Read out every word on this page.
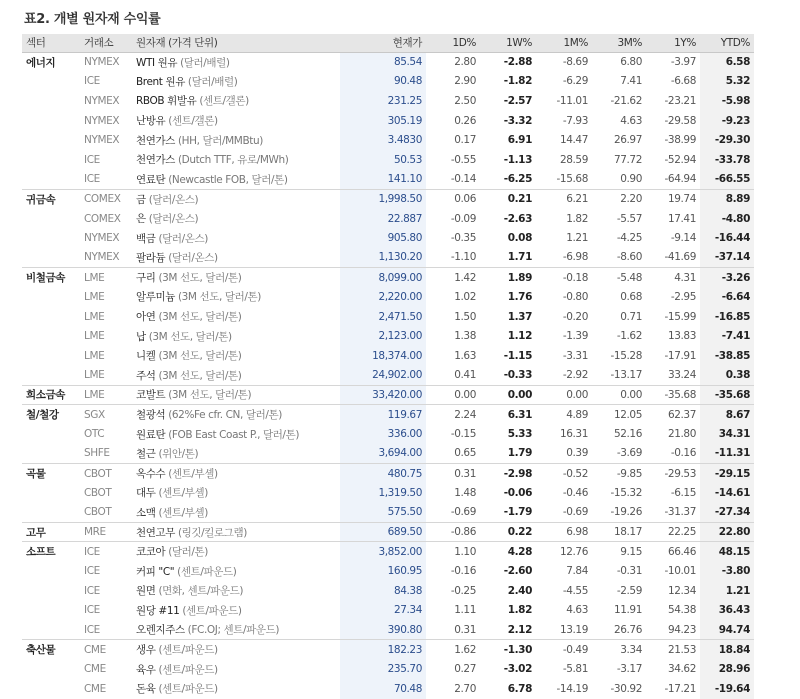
표2. 개별 원자재 수익률
섹터	거래소	원자재 (가격 단위)	현재가	1D%	1W%	1M%	3M%	1Y%	YTD%
에너지	NYMEX	WTI 원유 (달러/배럴)	85.54	2.80	-2.88	-8.69	6.80	-3.97	6.58
	ICE	Brent 원유 (달러/배럴)	90.48	2.90	-1.82	-6.29	7.41	-6.68	5.32
	NYMEX	RBOB 휘발유 (센트/갤론)	231.25	2.50	-2.57	-11.01	-21.62	-23.21	-5.98
	NYMEX	난방유 (센트/갤론)	305.19	0.26	-3.32	-7.93	4.63	-29.58	-9.23
	NYMEX	천연가스 (HH, 달러/MMBtu)	3.4830	0.17	6.91	14.47	26.97	-38.99	-29.30
	ICE	천연가스 (Dutch TTF, 유로/MWh)	50.53	-0.55	-1.13	28.59	77.72	-52.94	-33.78
	ICE	연료탄 (Newcastle FOB, 달러/톤)	141.10	-0.14	-6.25	-15.68	0.90	-64.94	-66.55
귀금속	COMEX	금 (달러/온스)	1,998.50	0.06	0.21	6.21	2.20	19.74	8.89
	COMEX	은 (달러/온스)	22.887	-0.09	-2.63	1.82	-5.57	17.41	-4.80
	NYMEX	백금 (달러/온스)	905.80	-0.35	0.08	1.21	-4.25	-9.14	-16.44
	NYMEX	팔라듐 (달러/온스)	1,130.20	-1.10	1.71	-6.98	-8.60	-41.69	-37.14
비철금속	LME	구리 (3M 선도, 달러/톤)	8,099.00	1.42	1.89	-0.18	-5.48	4.31	-3.26
	LME	알루미늄 (3M 선도, 달러/톤)	2,220.00	1.02	1.76	-0.80	0.68	-2.95	-6.64
	LME	아연 (3M 선도, 달러/톤)	2,471.50	1.50	1.37	-0.20	0.71	-15.99	-16.85
	LME	납 (3M 선도, 달러/톤)	2,123.00	1.38	1.12	-1.39	-1.62	13.83	-7.41
	LME	니켈 (3M 선도, 달러/톤)	18,374.00	1.63	-1.15	-3.31	-15.28	-17.91	-38.85
	LME	주석 (3M 선도, 달러/톤)	24,902.00	0.41	-0.33	-2.92	-13.17	33.24	0.38
희소금속	LME	코발트 (3M 선도, 달러/톤)	33,420.00	0.00	0.00	0.00	0.00	-35.68	-35.68
철/철강	SGX	철광석 (62%Fe cfr. CN, 달러/톤)	119.67	2.24	6.31	4.89	12.05	62.37	8.67
	OTC	원료탄 (FOB East Coast P., 달러/톤)	336.00	-0.15	5.33	16.31	52.16	21.80	34.31
	SHFE	철근 (위안/톤)	3,694.00	0.65	1.79	0.39	-3.69	-0.16	-11.31
곡물	CBOT	옥수수 (센트/부셸)	480.75	0.31	-2.98	-0.52	-9.85	-29.53	-29.15
	CBOT	대두 (센트/부셸)	1,319.50	1.48	-0.06	-0.46	-15.32	-6.15	-14.61
	CBOT	소맥 (센트/부셸)	575.50	-0.69	-1.79	-0.69	-19.26	-31.37	-27.34
고무	MRE	천연고무 (링깃/킬로그램)	689.50	-0.86	0.22	6.98	18.17	22.25	22.80
소프트	ICE	코코아 (달러/톤)	3,852.00	1.10	4.28	12.76	9.15	66.46	48.15
	ICE	커피 "C" (센트/파운드)	160.95	-0.16	-2.60	7.84	-0.31	-10.01	-3.80
	ICE	원면 (면화, 센트/파운드)	84.38	-0.25	2.40	-4.55	-2.59	12.34	1.21
	ICE	원당 #11 (센트/파운드)	27.34	1.11	1.82	4.63	11.91	54.38	36.43
	ICE	오렌지주스 (FC.OJ; 센트/파운드)	390.80	0.31	2.12	13.19	26.76	94.23	94.74
축산물	CME	생우 (센트/파운드)	182.23	1.62	-1.30	-0.49	3.34	21.53	18.84
	CME	육우 (센트/파운드)	235.70	0.27	-3.02	-5.81	-3.17	34.62	28.96
	CME	돈육 (센트/파운드)	70.48	2.70	6.78	-14.19	-30.92	-17.21	-19.64
